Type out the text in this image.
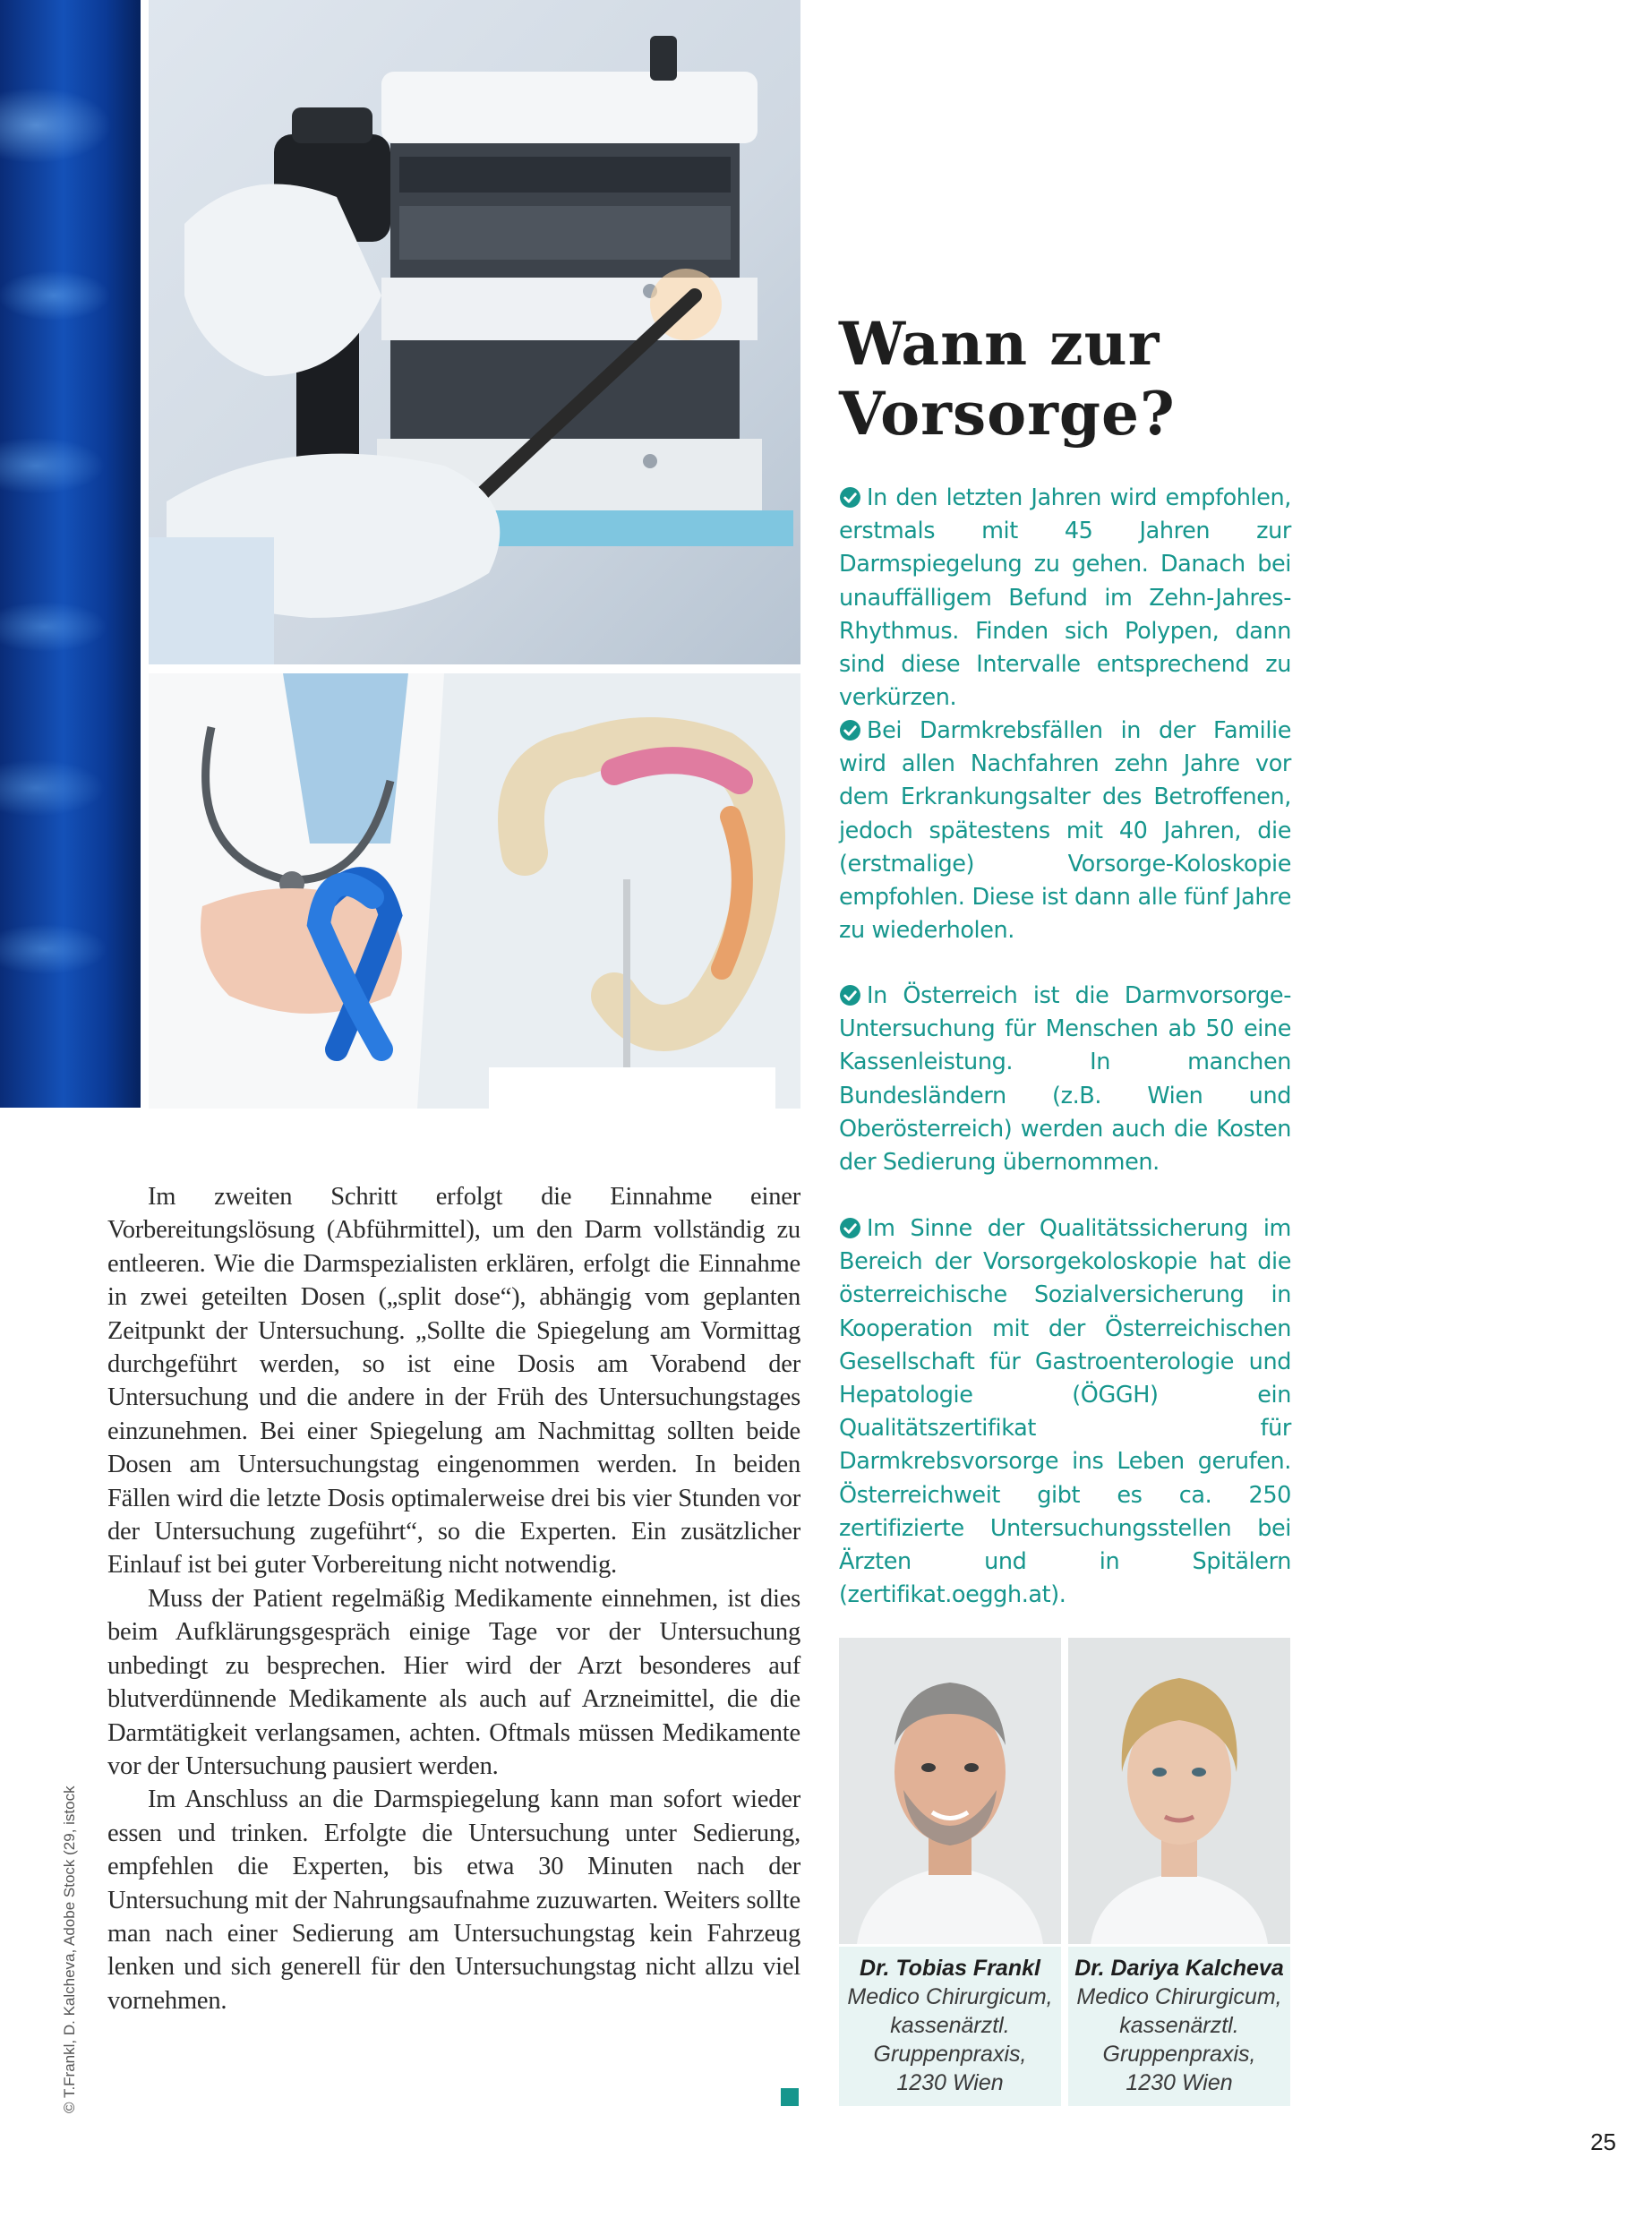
Wann zur
Vorsorge?

In den letzten Jahren wird empfohlen, erstmals mit 45 Jahren zur Darmspiegelung zu gehen. Danach bei unauffälligem Befund im Zehn-Jahres-Rhythmus. Finden sich Polypen, dann sind diese Intervalle entsprechend zu verkürzen.

Bei Darmkrebsfällen in der Familie wird allen Nachfahren zehn Jahre vor dem Erkrankungsalter des Betroffenen, jedoch spätestens mit 40 Jahren, die (erstmalige) Vorsorge-Koloskopie empfohlen. Diese ist dann alle fünf Jahre zu wiederholen.

In Österreich ist die Darmvorsorge-Untersuchung für Menschen ab 50 eine Kassenleistung. In manchen Bundesländern (z.B. Wien und Oberösterreich) werden auch die Kosten der Sedierung übernommen.

Im Sinne der Qualitätssicherung im Bereich der Vorsorgekoloskopie hat die österreichische Sozialversicherung in Kooperation mit der Österreichischen Gesellschaft für Gastroenterologie und Hepatologie (ÖGGH) ein Qualitätszertifikat für Darmkrebsvorsorge ins Leben gerufen. Österreichweit gibt es ca. 250 zertifizierte Untersuchungsstellen bei Ärzten und in Spitälern (zertifikat.oeggh.at).

Im zweiten Schritt erfolgt die Einnahme einer Vorbereitungslösung (Abführmittel), um den Darm vollständig zu entleeren. Wie die Darmspezialisten erklären, erfolgt die Einnahme in zwei geteilten Dosen („split dose“), abhängig vom geplanten Zeitpunkt der Untersuchung. „Sollte die Spiegelung am Vormittag durchgeführt werden, so ist eine Dosis am Vorabend der Untersuchung und die andere in der Früh des Untersuchungstages einzunehmen. Bei einer Spiegelung am Nachmittag sollten beide Dosen am Untersuchungstag eingenommen werden. In beiden Fällen wird die letzte Dosis optimalerweise drei bis vier Stunden vor der Untersuchung zugeführt“, so die Experten. Ein zusätzlicher Einlauf ist bei guter Vorbereitung nicht notwendig.

Muss der Patient regelmäßig Medikamente einnehmen, ist dies beim Aufklärungsgespräch einige Tage vor der Untersuchung unbedingt zu besprechen. Hier wird der Arzt besonderes auf blutverdünnende Medikamente als auch auf Arzneimittel, die die Darmtätigkeit verlangsamen, achten. Oftmals müssen Medikamente vor der Untersuchung pausiert werden.

Im Anschluss an die Darmspiegelung kann man sofort wieder essen und trinken. Erfolgte die Untersuchung unter Sedierung, empfehlen die Experten, bis etwa 30 Minuten nach der Untersuchung mit der Nahrungsaufnahme zuzuwarten. Weiters sollte man nach einer Sedierung am Untersuchungstag kein Fahrzeug lenken und sich generell für den Untersuchungstag nicht allzu viel vornehmen.

© T.Frankl, D. Kalcheva, Adobe Stock (29, istock	Dr. Tobias Frankl
Medico Chirurgicum,
kassenärztl.
Gruppenpraxis,
1230 Wien
Dr. Dariya Kalcheva
Medico Chirurgicum,
kassenärztl.
Gruppenpraxis,
1230 Wien
25
